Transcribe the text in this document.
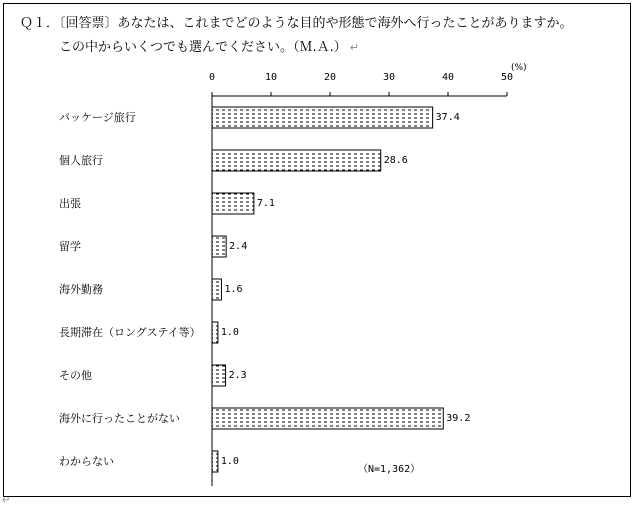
Ｑ１．〔回答票〕あなたは、これまでどのような目的や形態で海外へ行ったことがありますか。
この中からいくつでも選んでください。（Ｍ.Ａ.） ↵
0	10	20	30	40	50
(%)
パッケージ旅行
個人旅行
出張
留学
海外勤務
長期滞在（ロングステイ等）
その他
海外に行ったことがない
わからない
37.4
28.6
7.1
2.4
1.6
1.0
2.3
39.2
1.0
（N=1,362）
↵
